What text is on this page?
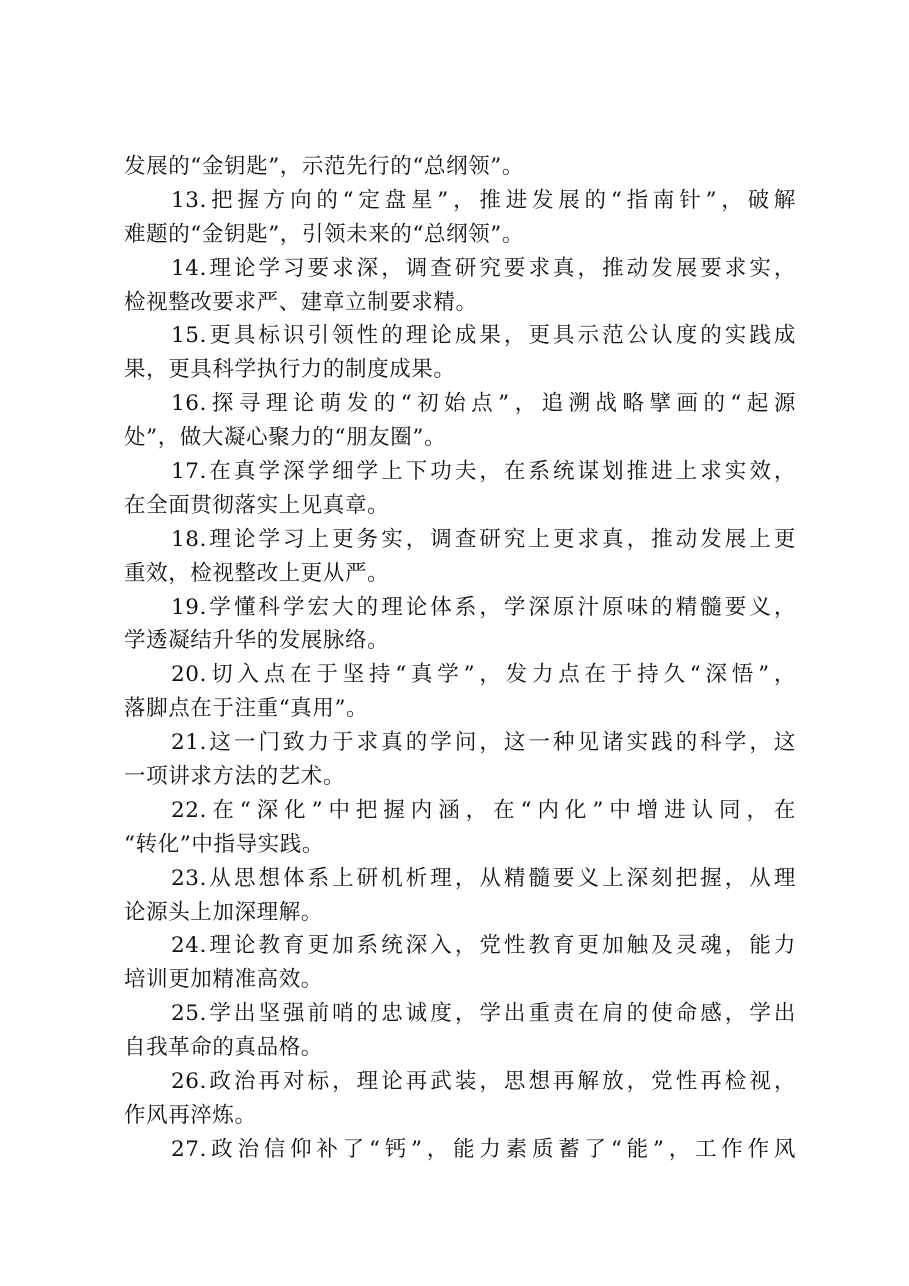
发展的“金钥匙”，示范先行的“总纲领”。
13.把握方向的“定盘星”，推进发展的“指南针”，破解
难题的“金钥匙”，引领未来的“总纲领”。
14.理论学习要求深，调查研究要求真，推动发展要求实，
检视整改要求严、建章立制要求精。
15.更具标识引领性的理论成果，更具示范公认度的实践成
果，更具科学执行力的制度成果。
16.探寻理论萌发的“初始点”，追溯战略擘画的“起源
处”，做大凝心聚力的“朋友圈”。
17.在真学深学细学上下功夫，在系统谋划推进上求实效，
在全面贯彻落实上见真章。
18.理论学习上更务实，调查研究上更求真，推动发展上更
重效，检视整改上更从严。
19.学懂科学宏大的理论体系，学深原汁原味的精髓要义，
学透凝结升华的发展脉络。
20.切入点在于坚持“真学”，发力点在于持久“深悟”，
落脚点在于注重“真用”。
21.这一门致力于求真的学问，这一种见诸实践的科学，这
一项讲求方法的艺术。
22.在“深化”中把握内涵，在“内化”中增进认同，在
“转化”中指导实践。
23.从思想体系上研机析理，从精髓要义上深刻把握，从理
论源头上加深理解。
24.理论教育更加系统深入，党性教育更加触及灵魂，能力
培训更加精准高效。
25.学出坚强前哨的忠诚度，学出重责在肩的使命感，学出
自我革命的真品格。
26.政治再对标，理论再武装，思想再解放，党性再检视，
作风再淬炼。
27.政治信仰补了“钙”，能力素质蓄了“能”，工作作风
